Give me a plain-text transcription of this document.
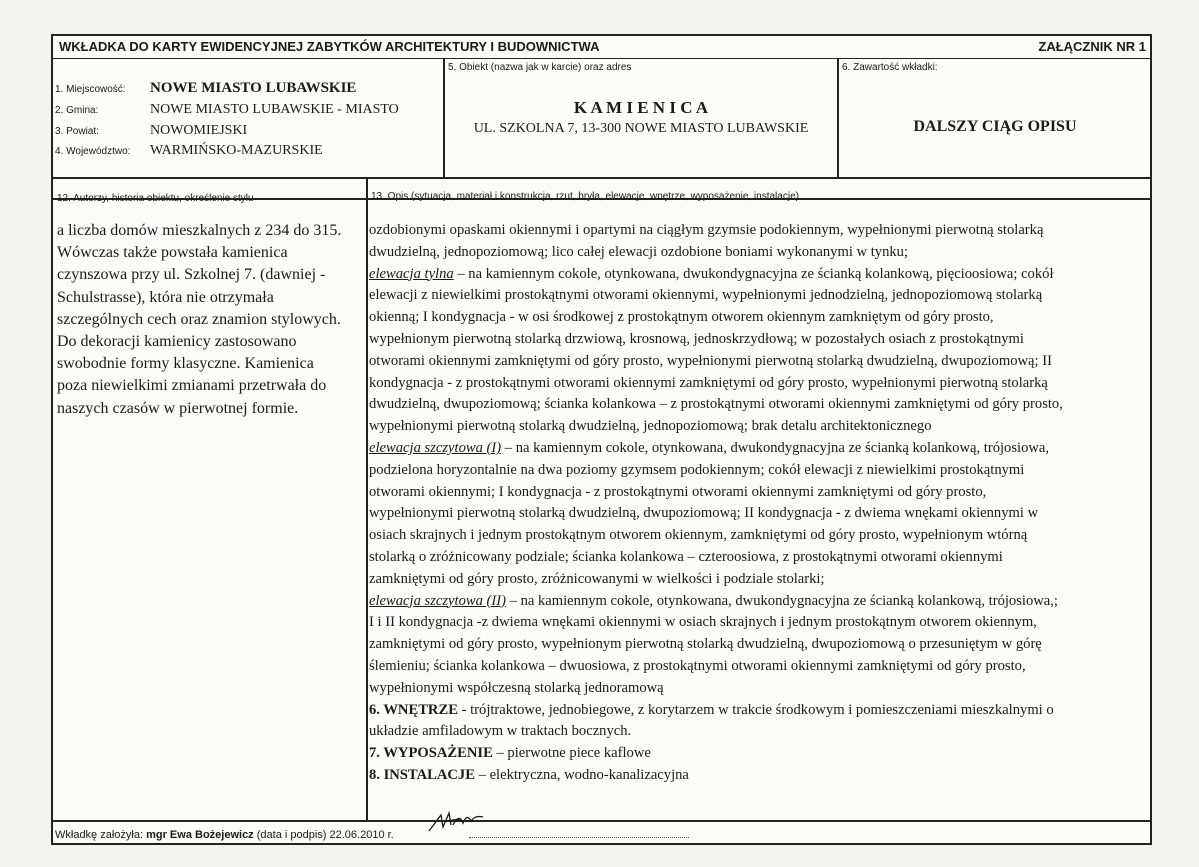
WKŁADKA DO KARTY EWIDENCYJNEJ ZABYTKÓW ARCHITEKTURY I BUDOWNICTWA	ZAŁĄCZNIK NR 1
1. Miejscowość: NOWE MIASTO LUBAWSKIE
2. Gmina:	NOWE MIASTO LUBAWSKIE - MIASTO
3. Powiat:	NOWOMIEJSKI
4. Województwo: WARMIŃSKO-MAZURSKIE
5. Obiekt (nazwa jak w karcie) oraz adres
K A M I E N I C A
UL. SZKOLNA 7, 13-300 NOWE MIASTO LUBAWSKIE
6. Zawartość wkładki:
DALSZY CIĄG OPISU
12. Autorzy, historia obiektu, określenie stylu	13. Opis (sytuacja, materiał i konstrukcja, rzut, bryła, elewacje, wnętrze, wyposażenie, instalacje)
a liczba domów mieszkalnych z 234 do 315.
Wówczas także powstała kamienica
czynszowa przy ul. Szkolnej 7. (dawniej -
Schulstrasse), która nie otrzymała
szczególnych cech oraz znamion stylowych.
Do dekoracji kamienicy zastosowano
swobodnie formy klasyczne. Kamienica
poza niewielkimi zmianami przetrwała do
naszych czasów w pierwotnej formie.
ozdobionymi opaskami okiennymi i opartymi na ciągłym gzymsie podokiennym, wypełnionymi pierwotną stolarką
dwudzielną, jednopoziomową; lico całej elewacji ozdobione boniami wykonanymi w tynku;
elewacja tylna – na kamiennym cokole, otynkowana, dwukondygnacyjna ze ścianką kolankową, pięcioosiowa; cokół
elewacji z niewielkimi prostokątnymi otworami okiennymi, wypełnionymi jednodzielną, jednopoziomową stolarką
okienną; I kondygnacja - w osi środkowej z prostokątnym otworem okiennym zamkniętym od góry prosto,
wypełnionym pierwotną stolarką drzwiową, krosnową, jednoskrzydłową; w pozostałych osiach z prostokątnymi
otworami okiennymi zamkniętymi od góry prosto, wypełnionymi pierwotną stolarką dwudzielną, dwupoziomową; II
kondygnacja - z prostokątnymi otworami okiennymi zamkniętymi od góry prosto, wypełnionymi pierwotną stolarką
dwudzielną, dwupoziomową; ścianka kolankowa – z prostokątnymi otworami okiennymi zamkniętymi od góry prosto,
wypełnionymi pierwotną stolarką dwudzielną, jednopoziomową; brak detalu architektonicznego
elewacja szczytowa (I) – na kamiennym cokole, otynkowana, dwukondygnacyjna ze ścianką kolankową, trójosiowa,
podzielona horyzontalnie na dwa poziomy gzymsem podokiennym; cokół elewacji z niewielkimi prostokątnymi
otworami okiennymi; I kondygnacja - z prostokątnymi otworami okiennymi zamkniętymi od góry prosto,
wypełnionymi pierwotną stolarką dwudzielną, dwupoziomową; II kondygnacja - z dwiema wnękami okiennymi w
osiach skrajnych i jednym prostokątnym otworem okiennym, zamkniętymi od góry prosto, wypełnionym wtórną
stolarką o zróżnicowany podziale; ścianka kolankowa – czteroosiowa, z prostokątnymi otworami okiennymi
zamkniętymi od góry prosto, zróżnicowanymi w wielkości i podziale stolarki;
elewacja szczytowa (II) – na kamiennym cokole, otynkowana, dwukondygnacyjna ze ścianką kolankową, trójosiowa,;
I i II kondygnacja -z dwiema wnękami okiennymi w osiach skrajnych i jednym prostokątnym otworem okiennym,
zamkniętymi od góry prosto, wypełnionym pierwotną stolarką dwudzielną, dwupoziomową o przesuniętym w górę
ślemieniu; ścianka kolankowa – dwuosiowa, z prostokątnymi otworami okiennymi zamkniętymi od góry prosto,
wypełnionymi współczesną stolarką jednoramową
6. WNĘTRZE - trójtraktowe, jednobiegowe, z korytarzem w trakcie środkowym i pomieszczeniami mieszkalnymi o
układzie amfiladowym w traktach bocznych.
7. WYPOSAŻENIE – pierwotne piece kaflowe
8. INSTALACJE – elektryczna, wodno-kanalizacyjna
Wkładkę założyła: mgr Ewa Bożejewicz (data i podpis) 22.06.2010 r.
